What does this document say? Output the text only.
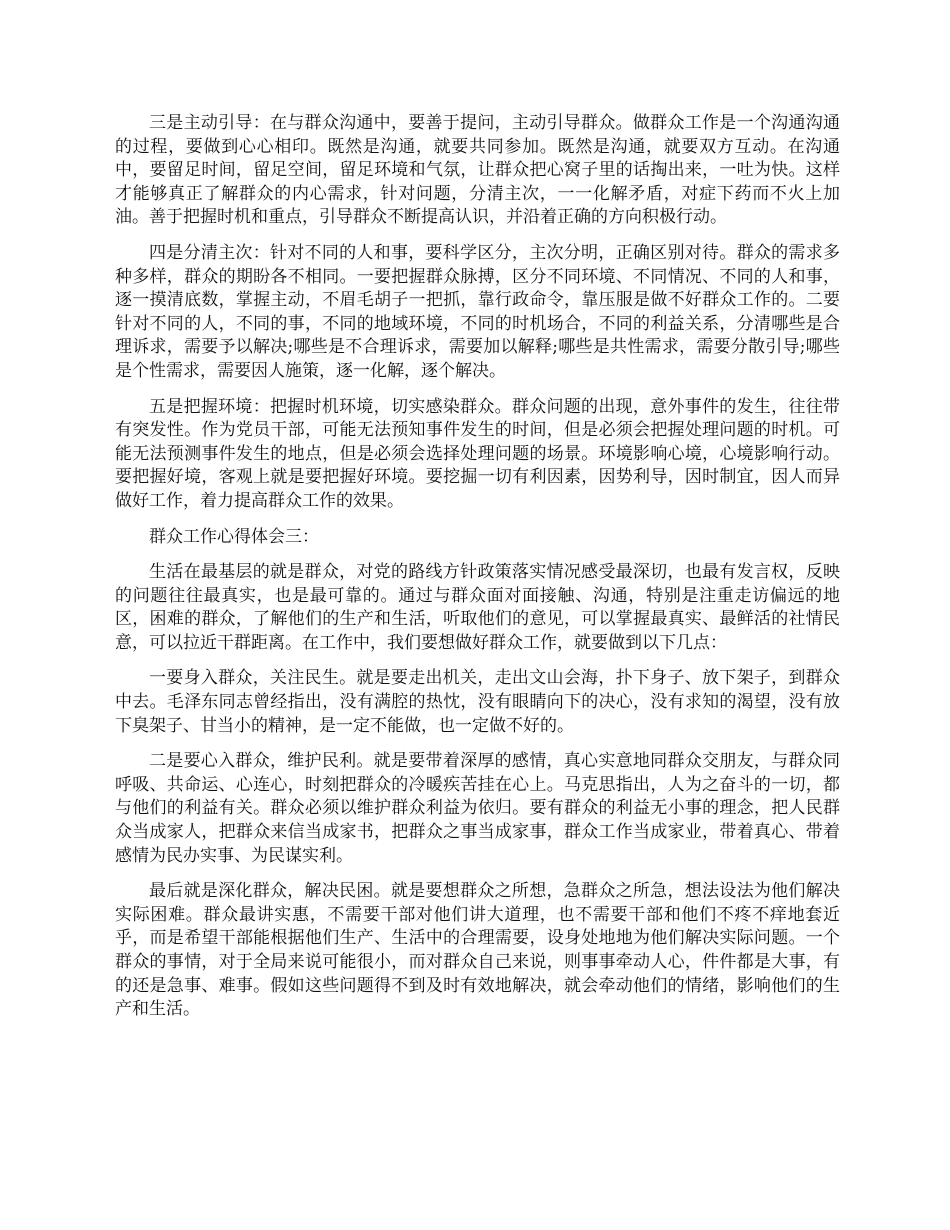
三是主动引导：在与群众沟通中，要善于提问，主动引导群众。做群众工作是一个沟通沟通的过程，要做到心心相印。既然是沟通，就要共同参加。既然是沟通，就要双方互动。在沟通中，要留足时间，留足空间，留足环境和气氛，让群众把心窝子里的话掏出来，一吐为快。这样才能够真正了解群众的内心需求，针对问题，分清主次，一一化解矛盾，对症下药而不火上加油。善于把握时机和重点，引导群众不断提高认识，并沿着正确的方向积极行动。

四是分清主次：针对不同的人和事，要科学区分，主次分明，正确区别对待。群众的需求多种多样，群众的期盼各不相同。一要把握群众脉搏，区分不同环境、不同情况、不同的人和事，逐一摸清底数，掌握主动，不眉毛胡子一把抓，靠行政命令，靠压服是做不好群众工作的。二要针对不同的人，不同的事，不同的地域环境，不同的时机场合，不同的利益关系，分清哪些是合理诉求，需要予以解决;哪些是不合理诉求，需要加以解释;哪些是共性需求，需要分散引导;哪些是个性需求，需要因人施策，逐一化解，逐个解决。

五是把握环境：把握时机环境，切实感染群众。群众问题的出现，意外事件的发生，往往带有突发性。作为党员干部，可能无法预知事件发生的时间，但是必须会把握处理问题的时机。可能无法预测事件发生的地点，但是必须会选择处理问题的场景。环境影响心境，心境影响行动。要把握好境，客观上就是要把握好环境。要挖掘一切有利因素，因势利导，因时制宜，因人而异做好工作，着力提高群众工作的效果。

群众工作心得体会三：

生活在最基层的就是群众，对党的路线方针政策落实情况感受最深切，也最有发言权，反映的问题往往最真实，也是最可靠的。通过与群众面对面接触、沟通，特别是注重走访偏远的地区，困难的群众，了解他们的生产和生活，听取他们的意见，可以掌握最真实、最鲜活的社情民意，可以拉近干群距离。在工作中，我们要想做好群众工作，就要做到以下几点：

一要身入群众，关注民生。就是要走出机关，走出文山会海，扑下身子、放下架子，到群众中去。毛泽东同志曾经指出，没有满腔的热忱，没有眼睛向下的决心，没有求知的渴望，没有放下臭架子、甘当小的精神，是一定不能做，也一定做不好的。

二是要心入群众，维护民利。就是要带着深厚的感情，真心实意地同群众交朋友，与群众同呼吸、共命运、心连心，时刻把群众的冷暖疾苦挂在心上。马克思指出，人为之奋斗的一切，都与他们的利益有关。群众必须以维护群众利益为依归。要有群众的利益无小事的理念，把人民群众当成家人，把群众来信当成家书，把群众之事当成家事，群众工作当成家业，带着真心、带着感情为民办实事、为民谋实利。

最后就是深化群众，解决民困。就是要想群众之所想，急群众之所急，想法设法为他们解决实际困难。群众最讲实惠，不需要干部对他们讲大道理，也不需要干部和他们不疼不痒地套近乎，而是希望干部能根据他们生产、生活中的合理需要，设身处地地为他们解决实际问题。一个群众的事情，对于全局来说可能很小，而对群众自己来说，则事事牵动人心，件件都是大事，有的还是急事、难事。假如这些问题得不到及时有效地解决，就会牵动他们的情绪，影响他们的生产和生活。
